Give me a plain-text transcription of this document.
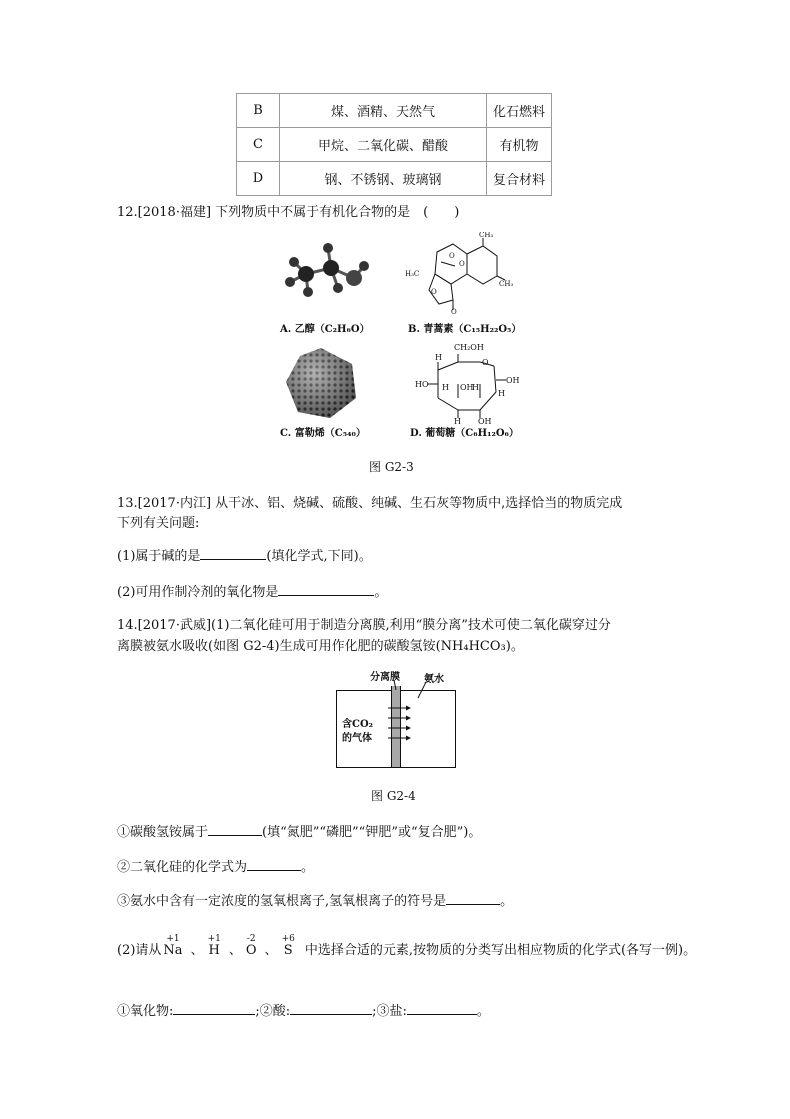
B	煤、酒精、天然气	化石燃料
C	甲烷、二氧化碳、醋酸	有机物
D	钢、不锈钢、玻璃钢	复合材料
12.[2018·福建] 下列物质中不属于有机化合物的是　(　　)
A. 乙醇（C₂H₆O）
CH₃
H₃C
O
O
O
O
CH₃
B. 青蒿素（C₁₅H₂₂O₅）
C. 富勒烯（C₅₄₀）
CH₂OH
H
O
OH
HO	OH
H	H
H
H OH
D. 葡萄糖（C₆H₁₂O₆）
图 G2-3
13.[2017·内江] 从干冰、铝、烧碱、硫酸、纯碱、生石灰等物质中,选择恰当的物质完成
下列有关问题:
(1)属于碱的是	(填化学式,下同)。
(2)可用作制冷剂的氧化物是	。
14.[2017·武威](1)二氧化硅可用于制造分离膜,利用“膜分离”技术可使二氧化碳穿过分
离膜被氨水吸收(如图 G2-4)生成可用作化肥的碳酸氢铵(NH₄HCO₃)。
分离膜 氨水
含CO₂
的气体
图 G2-4
①碳酸氢铵属于	(填“氮肥”“磷肥”“钾肥”或“复合肥”)。
②二氧化硅的化学式为	。
③氨水中含有一定浓度的氢氧根离子,氢氧根离子的符号是	。
(2)请从
+1
Na 、
+1
H 、
-2
O 、
+6
S 中选择合适的元素,按物质的分类写出相应物质的化学式(各写一例)。
①氧化物:	;②酸:	;③盐:	。
